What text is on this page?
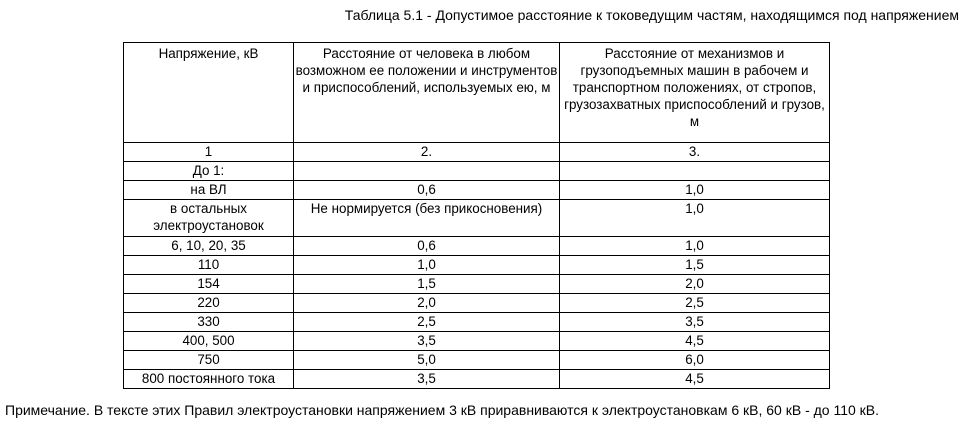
Таблица 5.1 - Допустимое расстояние к токоведущим частям, находящимся под напряжением
Напряжение, кВ	Расстояние от человека в любом возможном ее положении и инструментов и приспособлений, используемых ею, м	Расстояние от механизмов и грузоподъемных машин в рабочем и транспортном положениях, от стропов, грузозахватных приспособлений и грузов, м
1	2.	3.
До 1:		
на ВЛ	0,6	1,0
в остальных электроустановок	Не нормируется (без прикосновения)	1,0
6, 10, 20, 35	0,6	1,0
110	1,0	1,5
154	1,5	2,0
220	2,0	2,5
330	2,5	3,5
400, 500	3,5	4,5
750	5,0	6,0
800 постоянного тока	3,5	4,5
Примечание. В тексте этих Правил электроустановки напряжением 3 кВ приравниваются к электроустановкам 6 кВ, 60 кВ - до 110 кВ.
